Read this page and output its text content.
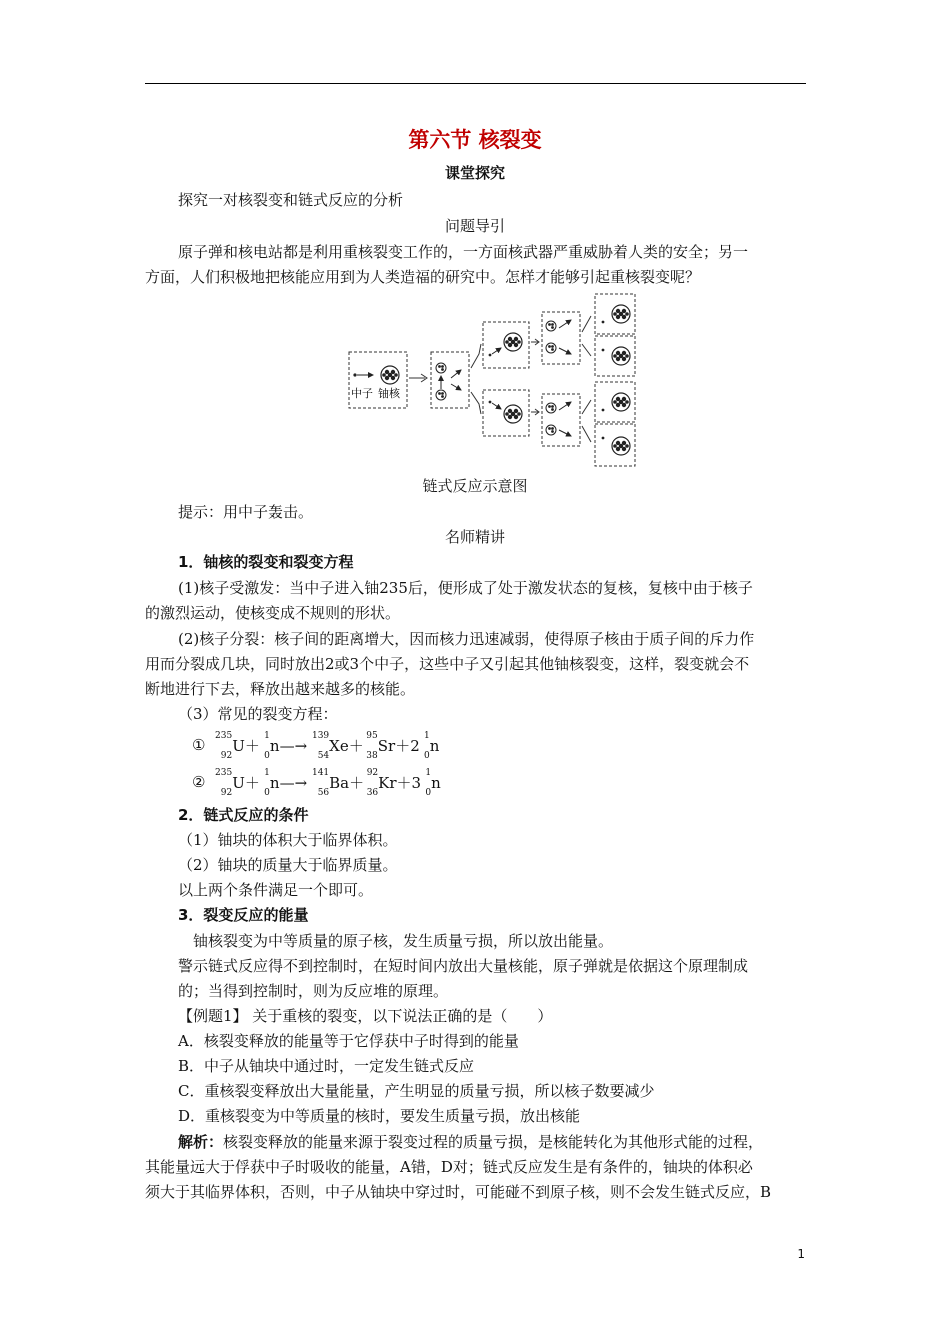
第六节 核裂变
课堂探究
探究一对核裂变和链式反应的分析
问题导引
原子弹和核电站都是利用重核裂变工作的，一方面核武器严重威胁着人类的安全；另一
方面，人们积极地把核能应用到为人类造福的研究中。怎样才能够引起重核裂变呢？
中子 铀核
链式反应示意图
提示：用中子轰击。
名师精讲
1．铀核的裂变和裂变方程
(1)核子受激发：当中子进入铀235后，便形成了处于激发状态的复核，复核中由于核子
的激烈运动，使核变成不规则的形状。
(2)核子分裂：核子间的距离增大，因而核力迅速减弱，使得原子核由于质子间的斥力作
用而分裂成几块，同时放出2或3个中子，这些中子又引起其他铀核裂变，这样，裂变就会不
断地进行下去，释放出越来越多的核能。
（3）常见的裂变方程：
① 235
92
U＋
1
0
n—→
139
54
Xe＋
95
38
Sr＋2
1
0
n
② 235
92
U＋
1
0
n—→
141
56
Ba＋
92
36
Kr＋3
1
0
n
2．链式反应的条件
（1）铀块的体积大于临界体积。
（2）铀块的质量大于临界质量。
以上两个条件满足一个即可。
3．裂变反应的能量
铀核裂变为中等质量的原子核，发生质量亏损，所以放出能量。
警示链式反应得不到控制时，在短时间内放出大量核能，原子弹就是依据这个原理制成
的；当得到控制时，则为反应堆的原理。
【例题1】 关于重核的裂变，以下说法正确的是（　　）
A．核裂变释放的能量等于它俘获中子时得到的能量
B．中子从铀块中通过时，一定发生链式反应
C．重核裂变释放出大量能量，产生明显的质量亏损，所以核子数要减少
D．重核裂变为中等质量的核时，要发生质量亏损，放出核能
解析：核裂变释放的能量来源于裂变过程的质量亏损，是核能转化为其他形式能的过程，
其能量远大于俘获中子时吸收的能量，A错，D对；链式反应发生是有条件的，铀块的体积必
须大于其临界体积，否则，中子从铀块中穿过时，可能碰不到原子核，则不会发生链式反应，B
1
